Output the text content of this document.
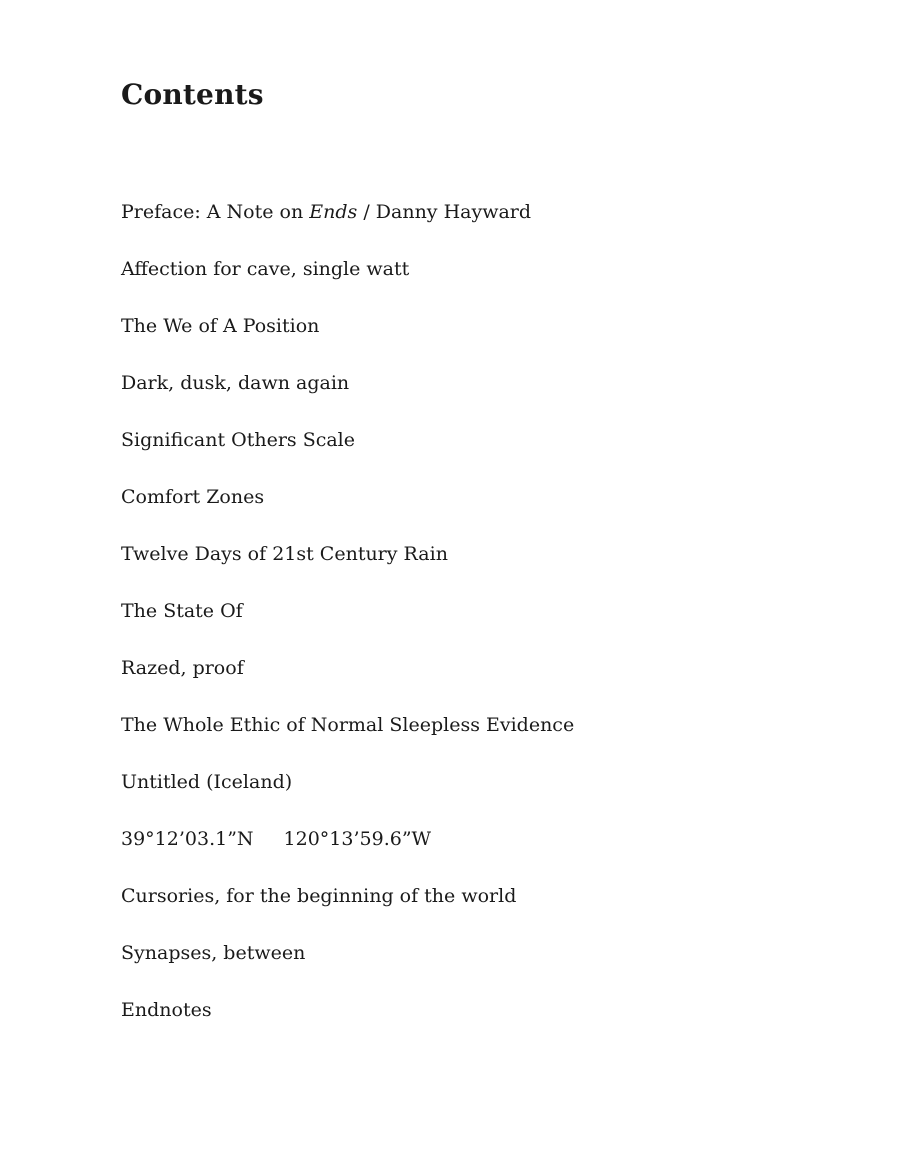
Contents
Preface: A Note on Ends / Danny Hayward
Affection for cave, single watt
The We of A Position
Dark, dusk, dawn again
Significant Others Scale
Comfort Zones
Twelve Days of 21st Century Rain
The State Of
Razed, proof
The Whole Ethic of Normal Sleepless Evidence
Untitled (Iceland)
39°12’03.1”N 120°13’59.6”W
Cursories, for the beginning of the world
Synapses, between
Endnotes
